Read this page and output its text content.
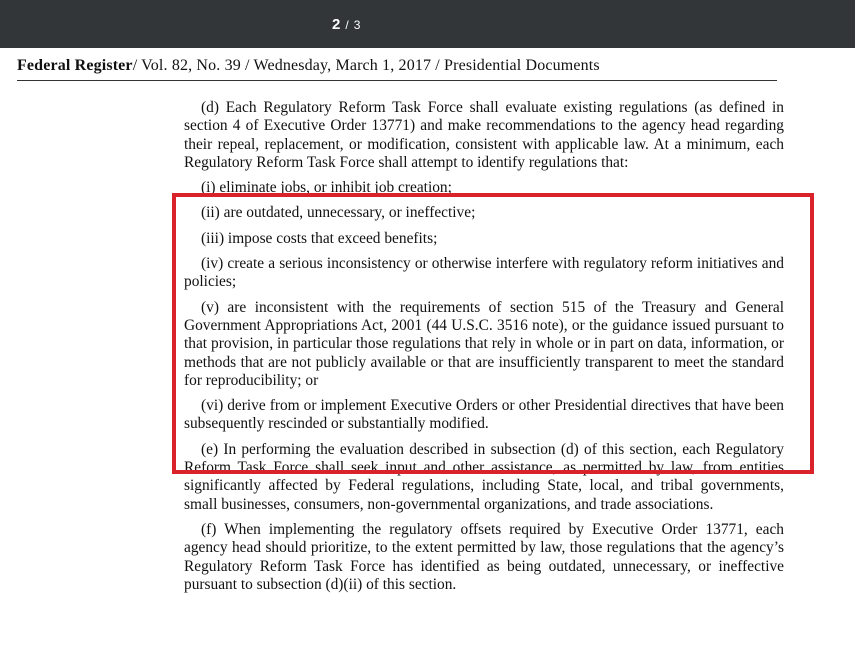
2 / 3
Federal Register/ Vol. 82, No. 39 / Wednesday, March 1, 2017 / Presidential Documents

(d) Each Regulatory Reform Task Force shall evaluate existing regulations (as defined in section 4 of Executive Order 13771) and make recommendations to the agency head regarding their repeal, replacement, or modification, consistent with applicable law. At a minimum, each Regulatory Reform Task Force shall attempt to identify regulations that:

(i) eliminate jobs, or inhibit job creation;

(ii) are outdated, unnecessary, or ineffective;

(iii) impose costs that exceed benefits;

(iv) create a serious inconsistency or otherwise interfere with regulatory reform initiatives and policies;

(v) are inconsistent with the requirements of section 515 of the Treasury and General Government Appropriations Act, 2001 (44 U.S.C. 3516 note), or the guidance issued pursuant to that provision, in particular those regulations that rely in whole or in part on data, information, or methods that are not publicly available or that are insufficiently transparent to meet the standard for reproducibility; or

(vi) derive from or implement Executive Orders or other Presidential directives that have been subsequently rescinded or substantially modified.

(e) In performing the evaluation described in subsection (d) of this section, each Regulatory Reform Task Force shall seek input and other assistance, as permitted by law, from entities significantly affected by Federal regulations, including State, local, and tribal governments, small businesses, consumers, non-governmental organizations, and trade associations.

(f) When implementing the regulatory offsets required by Executive Order 13771, each agency head should prioritize, to the extent permitted by law, those regulations that the agency’s Regulatory Reform Task Force has identified as being outdated, unnecessary, or ineffective pursuant to subsection (d)(ii) of this section.
